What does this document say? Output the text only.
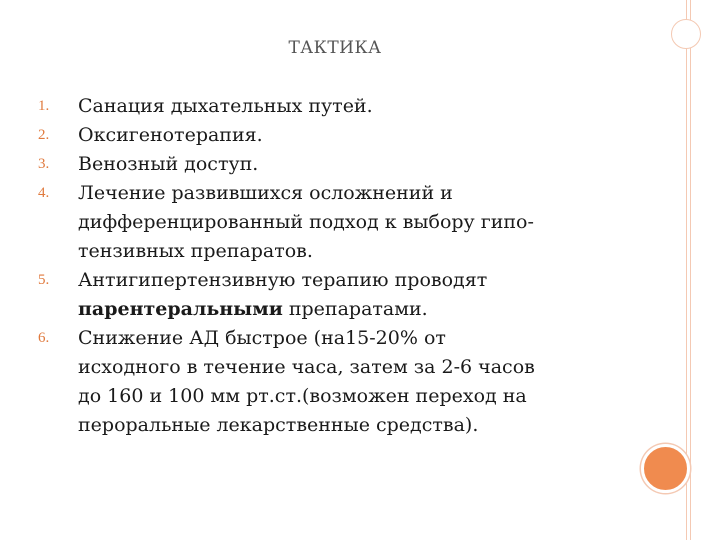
ТАКТИКА
1.	Санация дыхательных путей.
2.	Оксигенотерапия.
3.	Венозный доступ.
4.	Лечение развившихся осложнений и
дифференцированный подход к выбору гипо-
тензивных препаратов.
5.	Антигипертензивную терапию проводят
парентеральными препаратами.
6.	Снижение АД быстрое (на15-20% от
исходного в течение часа, затем за 2-6 часов
до 160 и 100 мм рт.ст.(возможен переход на
пероральные лекарственные средства).
